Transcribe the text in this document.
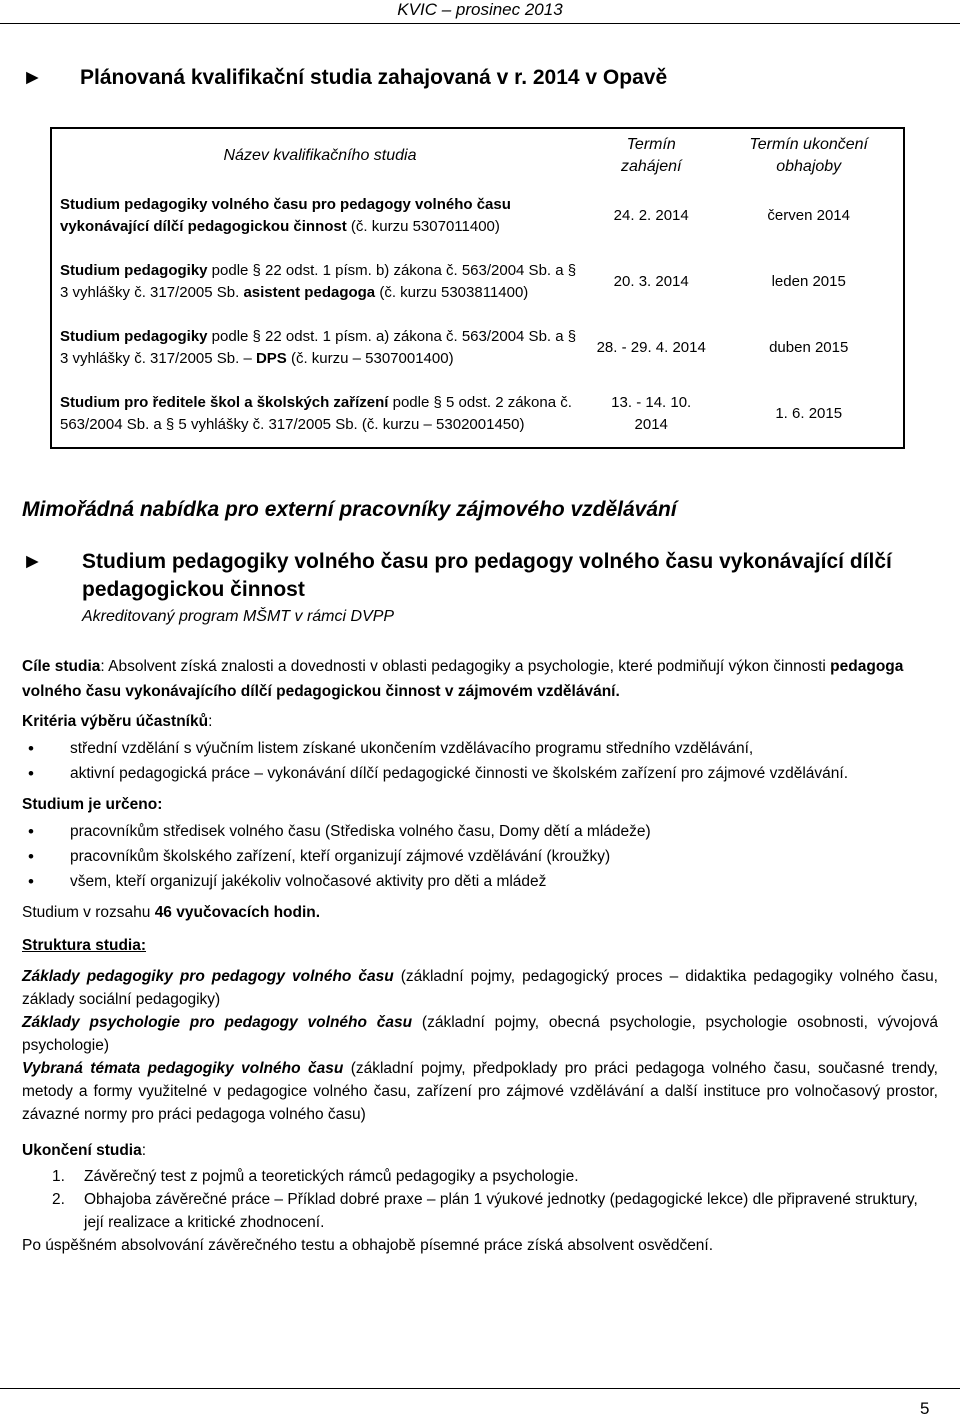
KVIC – prosinec 2013
► Plánovaná kvalifikační studia zahajovaná v r. 2014 v Opavě
Název kvalifikačního studia	Termín zahájení	Termín ukončení obhajoby
Studium pedagogiky volného času pro pedagogy volného času vykonávající dílčí pedagogickou činnost (č. kurzu 5307011400)	24. 2. 2014	červen 2014
Studium pedagogiky podle § 22 odst. 1 písm. b) zákona č. 563/2004 Sb. a § 3 vyhlášky č. 317/2005 Sb. asistent pedagoga (č. kurzu 5303811400)	20. 3. 2014	leden 2015
Studium pedagogiky podle § 22 odst. 1 písm. a) zákona č. 563/2004 Sb. a § 3 vyhlášky č. 317/2005 Sb. – DPS (č. kurzu – 5307001400)	28. - 29. 4. 2014	duben 2015
Studium pro ředitele škol a školských zařízení podle § 5 odst. 2 zákona č. 563/2004 Sb. a § 5 vyhlášky č. 317/2005 Sb. (č. kurzu – 5302001450)	13. - 14. 10. 2014	1. 6. 2015
Mimořádná nabídka pro externí pracovníky zájmového vzdělávání
► Studium pedagogiky volného času pro pedagogy volného času vykonávající dílčí pedagogickou činnost
Akreditovaný program MŠMT v rámci DVPP

Cíle studia: Absolvent získá znalosti a dovednosti v oblasti pedagogiky a psychologie, které podmiňují výkon činnosti pedagoga volného času vykonávajícího dílčí pedagogickou činnost v zájmovém vzdělávání.

Kritéria výběru účastníků:

• střední vzdělání s výučním listem získané ukončením vzdělávacího programu středního vzdělávání,
• aktivní pedagogická práce – vykonávání dílčí pedagogické činnosti ve školském zařízení pro zájmové vzdělávání.

Studium je určeno:

• pracovníkům středisek volného času (Střediska volného času, Domy dětí a mládeže)
• pracovníkům školského zařízení, kteří organizují zájmové vzdělávání (kroužky)
• všem, kteří organizují jakékoliv volnočasové aktivity pro děti a mládež

Studium v rozsahu 46 vyučovacích hodin.

Struktura studia:

Základy pedagogiky pro pedagogy volného času (základní pojmy, pedagogický proces – didaktika pedagogiky volného času, základy sociální pedagogiky)

Základy psychologie pro pedagogy volného času (základní pojmy, obecná psychologie, psychologie osobnosti, vývojová psychologie)

Vybraná témata pedagogiky volného času (základní pojmy, předpoklady pro práci pedagoga volného času, současné trendy, metody a formy využitelné v pedagogice volného času, zařízení pro zájmové vzdělávání a další instituce pro volnočasový prostor, závazné normy pro práci pedagoga volného času)

Ukončení studia:

1. Závěrečný test z pojmů a teoretických rámců pedagogiky a psychologie.
2. Obhajoba závěrečné práce – Příklad dobré praxe – plán 1 výukové jednotky (pedagogické lekce) dle připravené struktury, její realizace a kritické zhodnocení.

Po úspěšném absolvování závěrečného testu a obhajobě písemné práce získá absolvent osvědčení.

5
